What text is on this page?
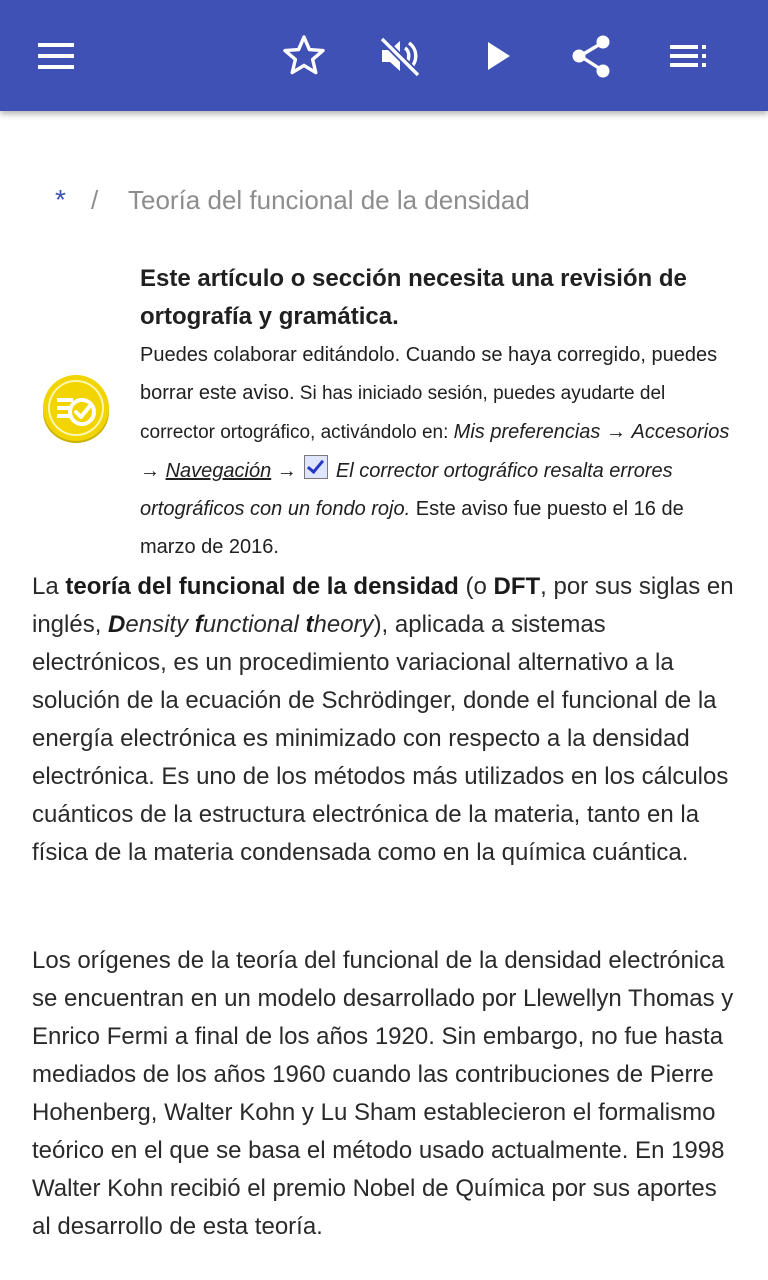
* / Teoría del funcional de la densidad
Este artículo o sección necesita una revisión de ortografía y gramática.
Puedes colaborar editándolo. Cuando se haya corregido, puedes borrar este aviso. Si has iniciado sesión, puedes ayudarte del corrector ortográfico, activándolo en: Mis preferencias → Accesorios → Navegación →  El corrector ortográfico resalta errores ortográficos con un fondo rojo. Este aviso fue puesto el 16 de marzo de 2016.
La teoría del funcional de la densidad (o DFT, por sus siglas en inglés, Density functional theory), aplicada a sistemas electrónicos, es un procedimiento variacional alternativo a la solución de la ecuación de Schrödinger, donde el funcional de la energía electrónica es minimizado con respecto a la densidad electrónica. Es uno de los métodos más utilizados en los cálculos cuánticos de la estructura electrónica de la materia, tanto en la física de la materia condensada como en la química cuántica.
Los orígenes de la teoría del funcional de la densidad electrónica se encuentran en un modelo desarrollado por Llewellyn Thomas y Enrico Fermi a final de los años 1920. Sin embargo, no fue hasta mediados de los años 1960 cuando las contribuciones de Pierre Hohenberg, Walter Kohn y Lu Sham establecieron el formalismo teórico en el que se basa el método usado actualmente. En 1998 Walter Kohn recibió el premio Nobel de Química por sus aportes al desarrollo de esta teoría.
